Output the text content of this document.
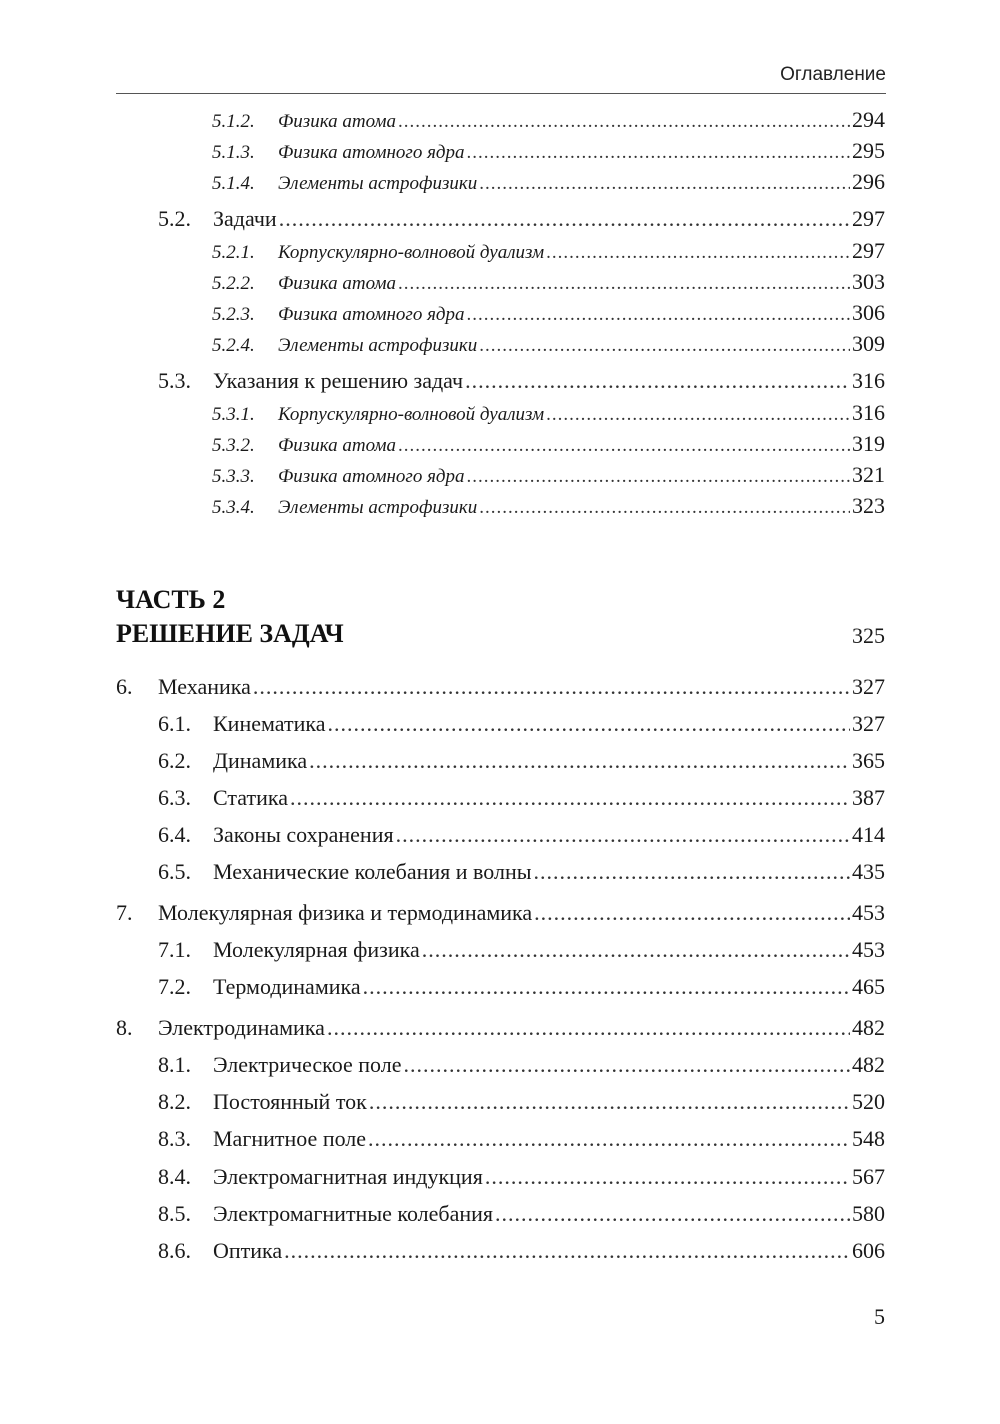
Оглавление
5.1.2.	Физика атома .....	294
5.1.3.	Физика атомного ядра .....	295
5.1.4.	Элементы астрофизики .....	296
5.2.	Задачи .....	297
5.2.1.	Корпускулярно-волновой дуализм .....	297
5.2.2.	Физика атома .....	303
5.2.3.	Физика атомного ядра .....	306
5.2.4.	Элементы астрофизики .....	309
5.3.	Указания к решению задач .....	316
5.3.1.	Корпускулярно-волновой дуализм .....	316
5.3.2.	Физика атома .....	319
5.3.3.	Физика атомного ядра .....	321
5.3.4.	Элементы астрофизики .....	323
ЧАСТЬ 2
РЕШЕНИЕ ЗАДАЧ	325
6.	Механика .....	327
6.1.	Кинематика .....	327
6.2.	Динамика .....	365
6.3.	Статика .....	387
6.4.	Законы сохранения .....	414
6.5.	Механические колебания и волны .....	435
7.	Молекулярная физика и термодинамика .....	453
7.1.	Молекулярная физика .....	453
7.2.	Термодинамика .....	465
8.	Электродинамика .....	482
8.1.	Электрическое поле .....	482
8.2.	Постоянный ток .....	520
8.3.	Магнитное поле .....	548
8.4.	Электромагнитная индукция .....	567
8.5.	Электромагнитные колебания .....	580
8.6.	Оптика .....	606
5
